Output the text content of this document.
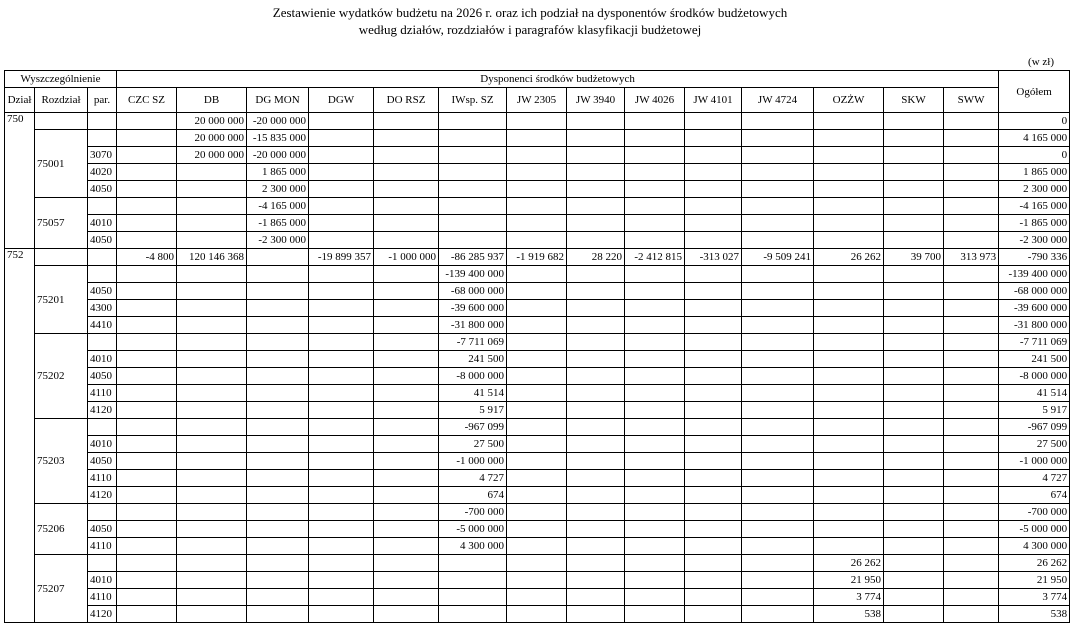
Zestawienie wydatków budżetu na 2026 r. oraz ich podział na dysponentów środków budżetowych
według działów, rozdziałów i paragrafów klasyfikacji budżetowej
(w zł)
Wyszczególnienie			Dysponenci środków budżetowych														Ogółem
Dział	Rozdział	par.	CZC SZ	DB	DG MON	DGW	DO RSZ	IWsp. SZ	JW 2305	JW 3940	JW 4026	JW 4101	JW 4724	OZŻW	SKW	SWW	
750				20 000 000	-20 000 000												0
	75001			20 000 000	-15 835 000												4 165 000
		3070		20 000 000	-20 000 000												0
		4020			1 865 000												1 865 000
		4050			2 300 000												2 300 000
	75057				-4 165 000												-4 165 000
		4010			-1 865 000												-1 865 000
		4050			-2 300 000												-2 300 000
752			-4 800	120 146 368		-19 899 357	-1 000 000	-86 285 937	-1 919 682	28 220	-2 412 815	-313 027	-9 509 241	26 262	39 700	313 973	-790 336
	75201							-139 400 000									-139 400 000
		4050						-68 000 000									-68 000 000
		4300						-39 600 000									-39 600 000
		4410						-31 800 000									-31 800 000
	75202							-7 711 069									-7 711 069
		4010						241 500									241 500
		4050						-8 000 000									-8 000 000
		4110						41 514									41 514
		4120						5 917									5 917
	75203							-967 099									-967 099
		4010						27 500									27 500
		4050						-1 000 000									-1 000 000
		4110						4 727									4 727
		4120						674									674
	75206							-700 000									-700 000
		4050						-5 000 000									-5 000 000
		4110						4 300 000									4 300 000
	75207													26 262			26 262
		4010												21 950			21 950
		4110												3 774			3 774
		4120												538			538
